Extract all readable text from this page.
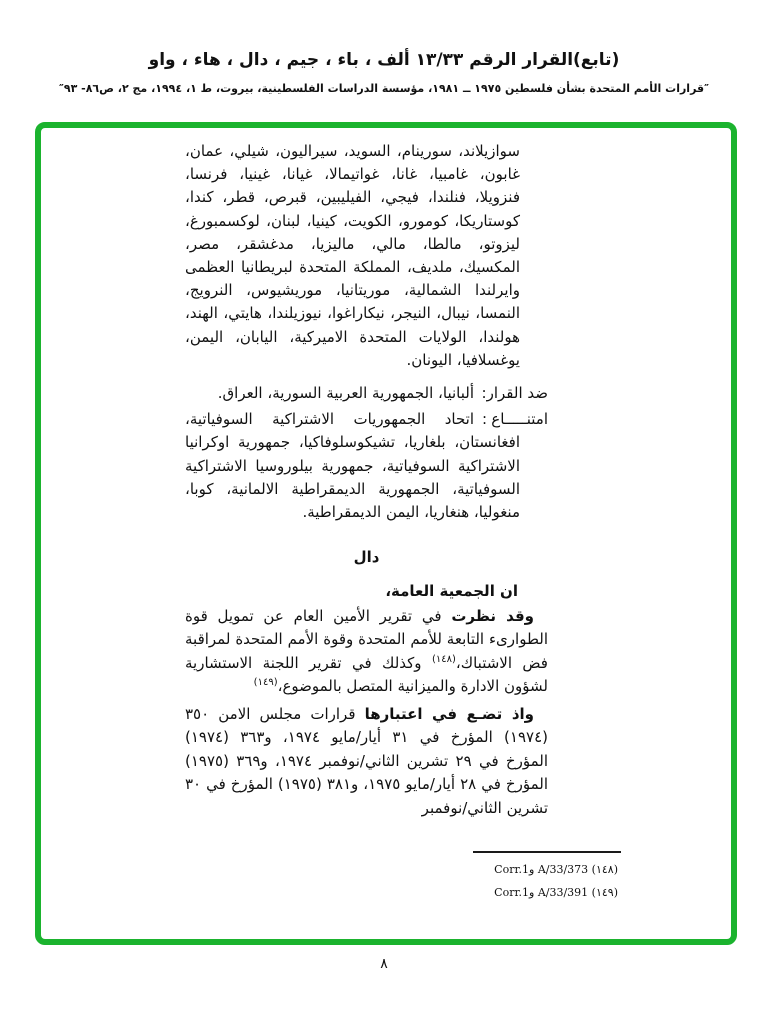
(تابع)القرار الرقم ١٣/٣٣ ألف ، باء ، جيم ، دال ، هاء ، واو
″قرارات الأمم المتحدة بشأن فلسطين ١٩٧٥ ــ ١٩٨١، مؤسسة الدراسات الفلسطينية، بيروت، ط ١، ١٩٩٤، مج ٢، ص٨٦- ٩٣″
سوازيلاند، سورينام، السويد، سيراليون، شيلي، عمان، غابون، غامبيا، غانا، غواتيمالا، غيانا، غينيا، فرنسا، فنزويلا، فنلندا، فيجي، الفيليبين، قبرص، قطر، كندا، كوستاريكا، كومورو، الكويت، كينيا، لبنان، لوكسمبورغ، ليزوتو، مالطا، مالي، ماليزيا، مدغشقر، مصر، المكسيك، ملديف، المملكة المتحدة لبريطانيا العظمى وايرلندا الشمالية، موريتانيا، موريشيوس، النرويج، النمسا، نيبال، النيجر، نيكاراغوا، نيوزيلندا، هايتي، الهند، هولندا، الولايات المتحدة الاميركية، اليابان، اليمن، يوغسلافيا، اليونان.
ضد القرار
:
ألبانيا، الجمهورية العربية السورية، العراق.
امتنـــــاع
:
اتحاد الجمهوريات الاشتراكية السوفياتية، افغانستان، بلغاريا، تشيكوسلوفاكيا، جمهورية اوكرانيا الاشتراكية السوفياتية، جمهورية بيلوروسيا الاشتراكية السوفياتية، الجمهورية الديمقراطية الالمانية، كوبا، منغوليا، هنغاريا، اليمن الديمقراطية.
دال
ان الجمعية العامة،
وقد نظرت في تقرير الأمين العام عن تمويل قوة الطوارىء التابعة للأمم المتحدة وقوة الأمم المتحدة لمراقبة فض الاشتباك،$^{(١٤٨)}$ وكذلك في تقرير اللجنة الاستشارية لشؤون الادارة والميزانية المتصل بالموضوع،$^{(١٤٩)}$
واذ تضـع في اعتبارها قرارات مجلس الامن ٣٥٠ (١٩٧٤) المؤرخ في ٣١ أيار/مايو ١٩٧٤، و٣٦٣ (١٩٧٤) المؤرخ في ٢٩ تشرين الثاني/نوفمبر ١٩٧٤، و٣٦٩ (١٩٧٥) المؤرخ في ٢٨ أيار/مايو ١٩٧٥، و٣٨١ (١٩٧٥) المؤرخ في ٣٠ تشرين الثاني/نوفمبر
(١٤٨) A/33/373 وCorr.1
(١٤٩) A/33/391 وCorr.1
٨
